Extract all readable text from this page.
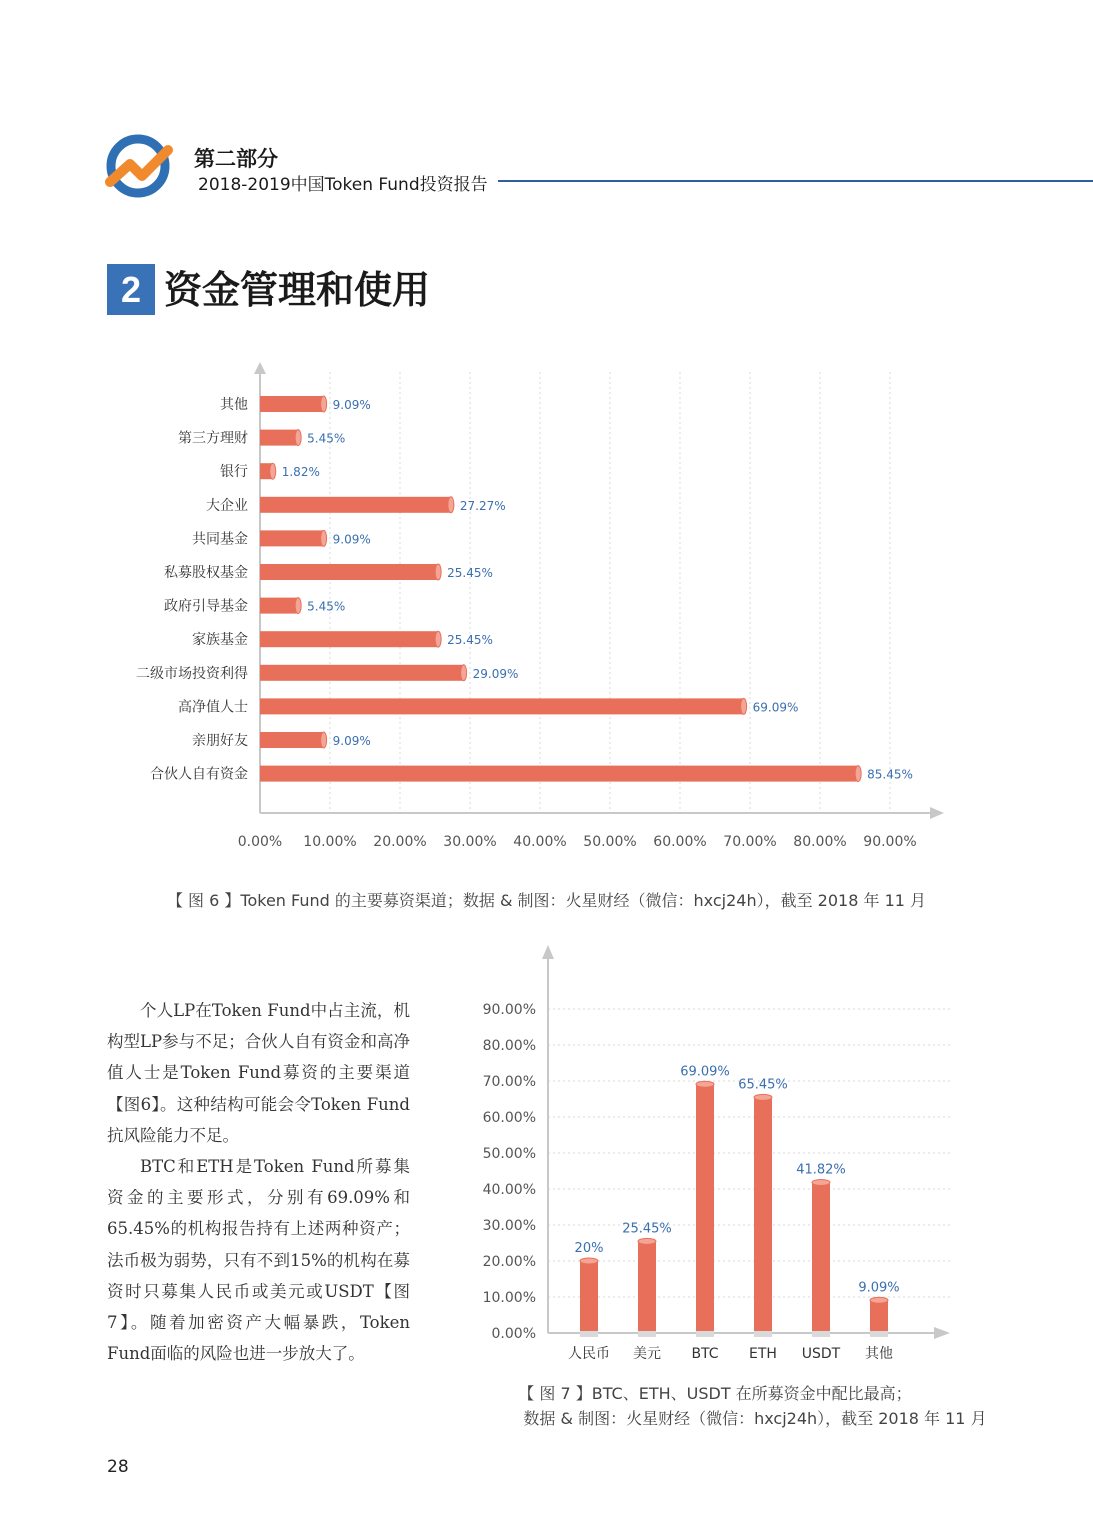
第二部分
2018-2019中国Token Fund投资报告
2 资金管理和使用
0.00% 10.00% 20.00% 30.00% 40.00% 50.00% 60.00% 70.00% 80.00% 90.00%
其他	9.09%
第三方理财	5.45%
银行	1.82%
大企业	27.27%
共同基金	9.09%
私募股权基金	25.45%
政府引导基金	5.45%
家族基金	25.45%
二级市场投资利得	29.09%
高净值人士	69.09%
亲朋好友	9.09%
合伙人自有资金	85.45%
【 图 6 】Token Fund 的主要募资渠道；数据 & 制图：火星财经（微信：hxcj24h），截至 2018 年 11 月

个人LP在Token Fund中占主流，机构型LP参与不足；合伙人自有资金和高净值人士是Token Fund募资的主要渠道【图6】。这种结构可能会令Token Fund抗风险能力不足。

BTC和ETH是Token Fund所募集资金的主要形式，分别有69.09%和65.45%的机构报告持有上述两种资产；法币极为弱势，只有不到15%的机构在募资时只募集人民币或美元或USDT【图7】。随着加密资产大幅暴跌，Token Fund面临的风险也进一步放大了。

0.00%
10.00%
20.00%
30.00%
40.00%
50.00%
60.00%
70.00%
80.00%
90.00%
20%
人民币
25.45%
美元
69.09%
BTC
65.45%
ETH
41.82%
USDT
9.09%
其他
【 图 7 】BTC、ETH、USDT 在所募资金中配比最高；
数据 & 制图：火星财经（微信：hxcj24h），截至 2018 年 11 月
28
